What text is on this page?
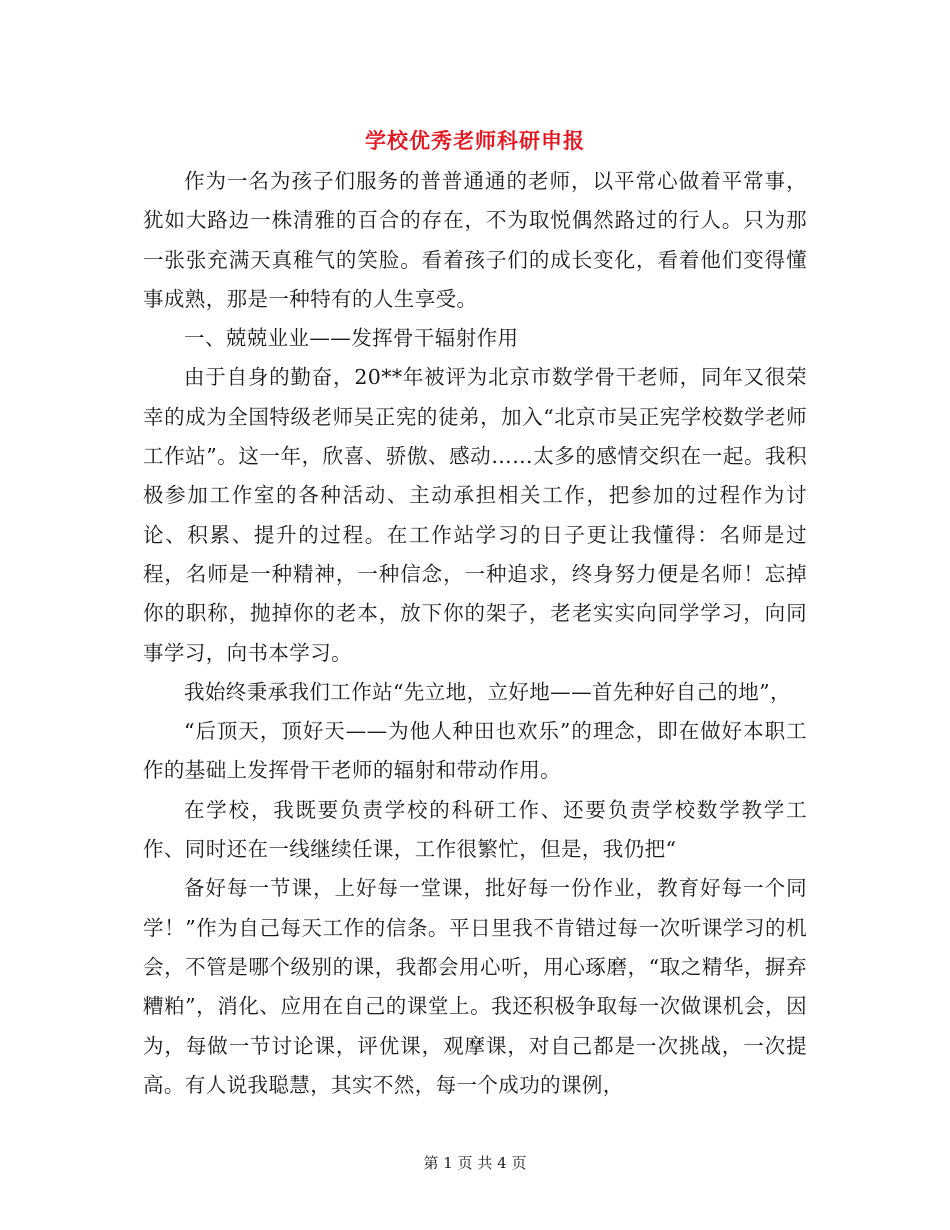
学校优秀老师科研申报

作为一名为孩子们服务的普普通通的老师，以平常心做着平常事，犹如大路边一株清雅的百合的存在，不为取悦偶然路过的行人。只为那一张张充满天真稚气的笑脸。看着孩子们的成长变化，看着他们变得懂事成熟，那是一种特有的人生享受。

一、兢兢业业——发挥骨干辐射作用

由于自身的勤奋，20**年被评为北京市数学骨干老师，同年又很荣幸的成为全国特级老师吴正宪的徒弟，加入“北京市吴正宪学校数学老师工作站”。这一年，欣喜、骄傲、感动……太多的感情交织在一起。我积极参加工作室的各种活动、主动承担相关工作，把参加的过程作为讨论、积累、提升的过程。在工作站学习的日子更让我懂得：名师是过程，名师是一种精神，一种信念，一种追求，终身努力便是名师！忘掉你的职称，抛掉你的老本，放下你的架子，老老实实向同学学习，向同事学习，向书本学习。

我始终秉承我们工作站“先立地，立好地——首先种好自己的地”，

“后顶天，顶好天——为他人种田也欢乐”的理念，即在做好本职工作的基础上发挥骨干老师的辐射和带动作用。

在学校，我既要负责学校的科研工作、还要负责学校数学教学工作、同时还在一线继续任课，工作很繁忙，但是，我仍把“

备好每一节课，上好每一堂课，批好每一份作业，教育好每一个同学！”作为自己每天工作的信条。平日里我不肯错过每一次听课学习的机会，不管是哪个级别的课，我都会用心听，用心琢磨，“取之精华，摒弃糟粕”，消化、应用在自己的课堂上。我还积极争取每一次做课机会，因为，每做一节讨论课，评优课，观摩课，对自己都是一次挑战，一次提高。有人说我聪慧，其实不然，每一个成功的课例，

第 1 页 共 4 页
